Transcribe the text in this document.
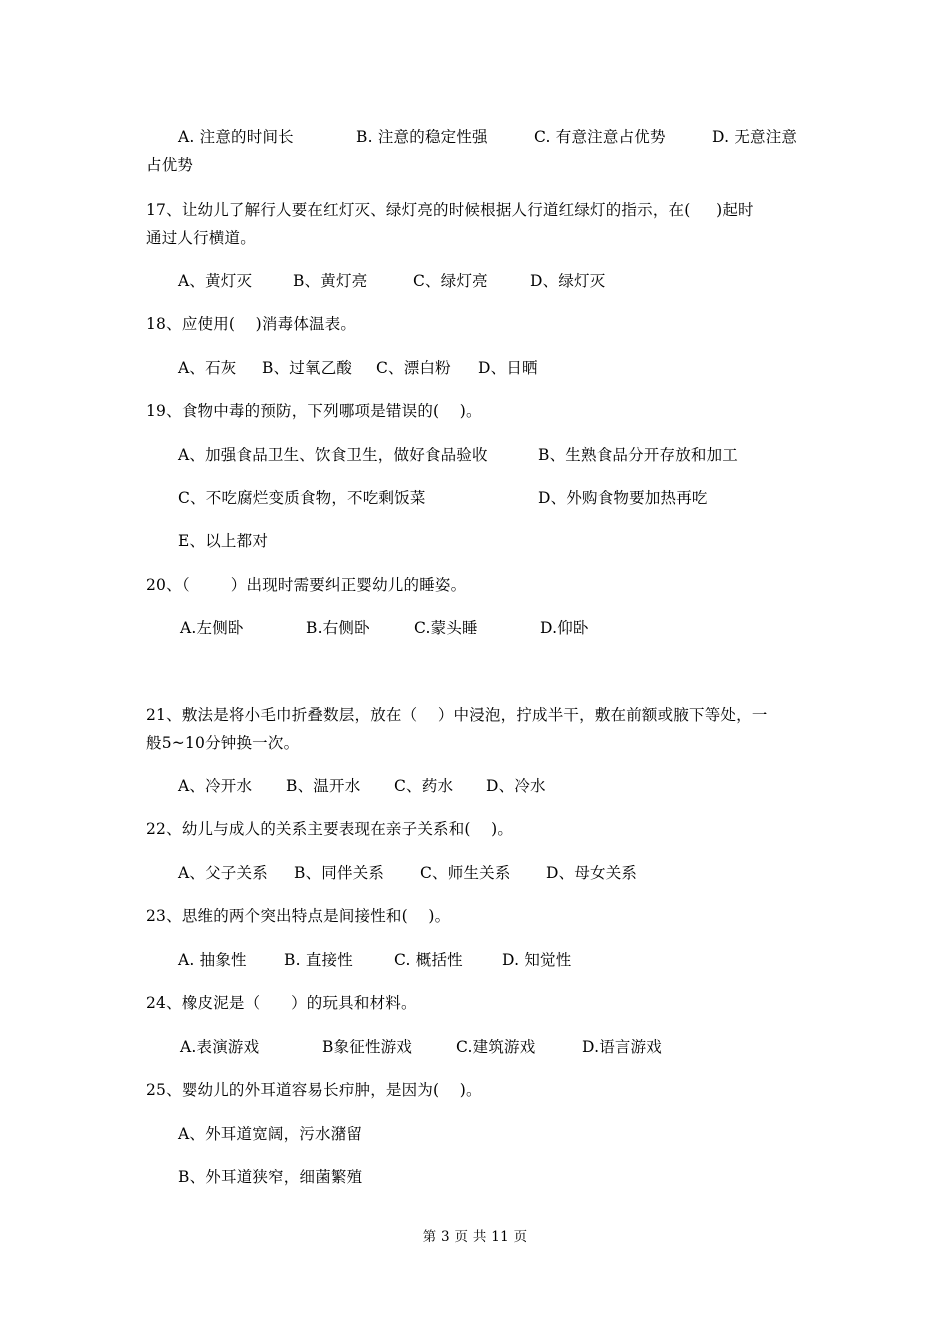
A. 注意的时间长	B. 注意的稳定性强	C. 有意注意占优势	D. 无意注意
占优势
17、让幼儿了解行人要在红灯灭、绿灯亮的时候根据人行道红绿灯的指示，在(     )起时
通过人行横道。
A、黄灯灭	B、黄灯亮	C、绿灯亮	D、绿灯灭
18、应使用(    )消毒体温表。
A、石灰 B、过氧乙酸 C、漂白粉 D、日晒
19、食物中毒的预防，下列哪项是错误的(    )。
A、加强食品卫生、饮食卫生，做好食品验收	B、生熟食品分开存放和加工
C、不吃腐烂变质食物，不吃剩饭菜	D、外购食物要加热再吃
E、以上都对
20、（        ）出现时需要纠正婴幼儿的睡姿。
A.左侧卧	B.右侧卧	C.蒙头睡	D.仰卧
21、敷法是将小毛巾折叠数层，放在（    ）中浸泡，拧成半干，敷在前额或腋下等处，一
般5~10分钟换一次。
A、冷开水 B、温开水 C、药水 D、冷水
22、幼儿与成人的关系主要表现在亲子关系和(    )。
A、父子关系 B、同伴关系 C、师生关系 D、母女关系
23、思维的两个突出特点是间接性和(    )。
A. 抽象性 B. 直接性	C. 概括性	D. 知觉性
24、橡皮泥是（      ）的玩具和材料。
A.表演游戏	B象征性游戏	C.建筑游戏	D.语言游戏
25、婴幼儿的外耳道容易长疖肿，是因为(    )。
A、外耳道宽阔，污水潴留
B、外耳道狭窄，细菌繁殖
第 3 页 共 11 页
